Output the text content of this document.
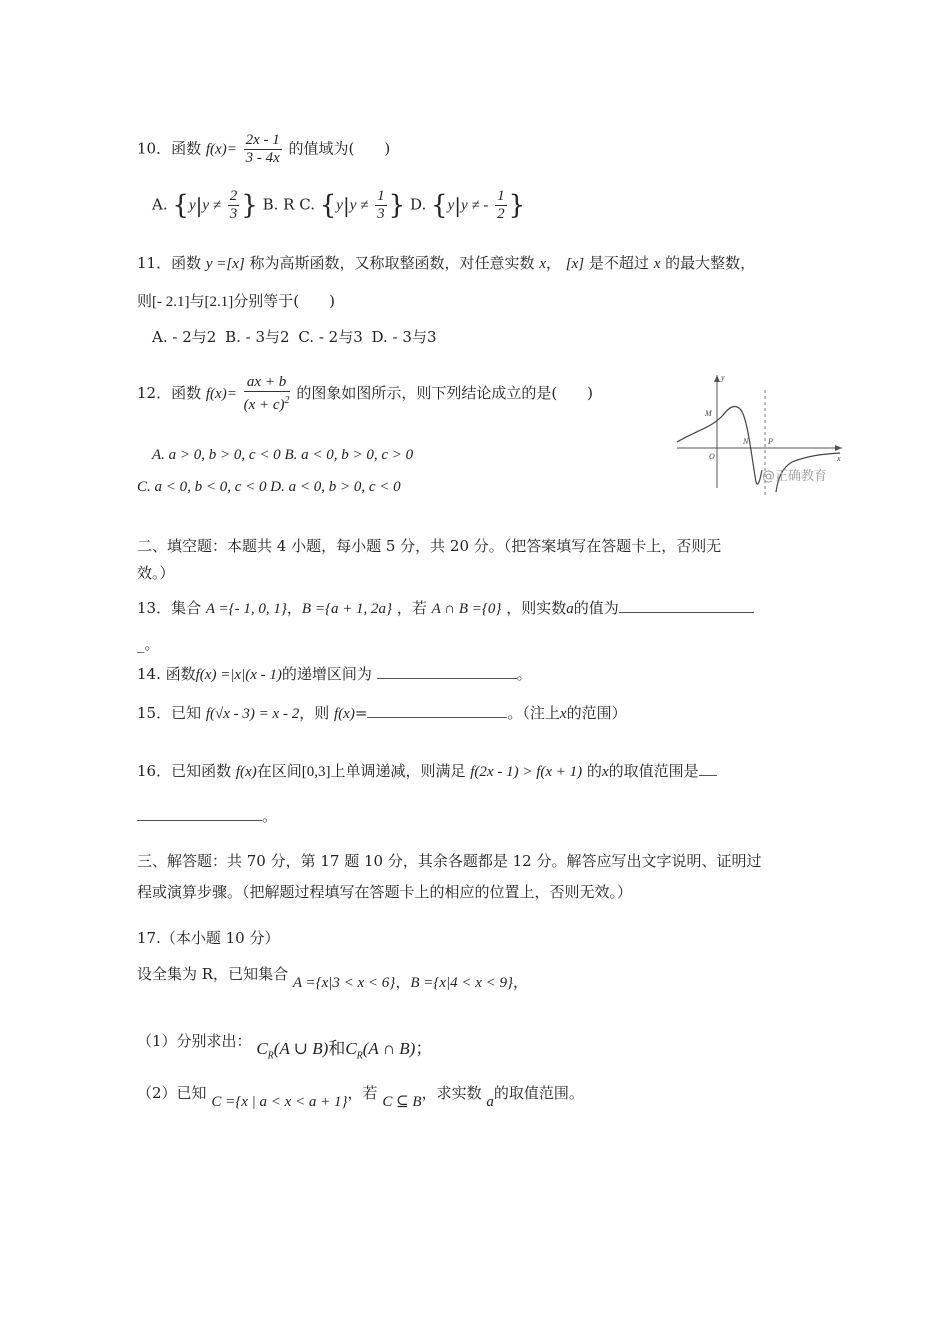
10．函数 $f(x)= \frac{2x - 1}{3 - 4x}$ 的值域为(　　)
A. {$y|y \ne \frac{2}{3}$ } B. R C. {$y|y \ne \frac{1}{3}$ } D. {y|y ≠ - $\frac{1}{2}$ }
11．函数 y =[x] 称为高斯函数，又称取整函数，对任意实数 x， [x] 是不超过 x 的最大整数，
则[- 2.1]与[2.1]分别等于(　　)
A. - 2与2 B. - 3与2 C. - 2与3 D. - 3与3
12．函数 $f(x)= \frac{ax + b}{(x + c)^2}$ 的图象如图所示，则下列结论成立的是(　　)
A. a > 0, b > 0, c < 0 B. a < 0, b > 0, c > 0
C. a < 0, b < 0, c < 0 D. a < 0, b > 0, c < 0
y
x
O
M
N P
@正确教育
二、填空题：本题共 4 小题，每小题 5 分，共 20 分。（把答案填写在答题卡上，否则无
效。）
13．集合 A ={- 1, 0, 1}，B ={a + 1, 2a} ，若 A ∩ B ={0} ，则实数a的值为
_。
14. 函数f(x) =|x|(x - 1)的递增区间为	。
15．已知 f(√x - 3) = x - 2，则 f(x)=	。（注上x的范围）
16．已知函数 f(x)在区间[0,3]上单调递减，则满足 f(2x - 1) > f(x + 1) 的x的取值范围是
。
三、解答题：共 70 分，第 17 题 10 分，其余各题都是 12 分。解答应写出文字说明、证明过
程或演算步骤。（把解题过程填写在答题卡上的相应的位置上，否则无效。）
17.（本小题 10 分）
设全集为 R，已知集合 A ={x|3 < x < 6}，B ={x|4 < x < 9}，
（1）分别求出： $C_R(A$ ∪ B)和$C_R(A$ ∩ B)；
（2）已知 C ={x | a < x < a + 1}，若 C ⊆ B，求实数 a的取值范围。
